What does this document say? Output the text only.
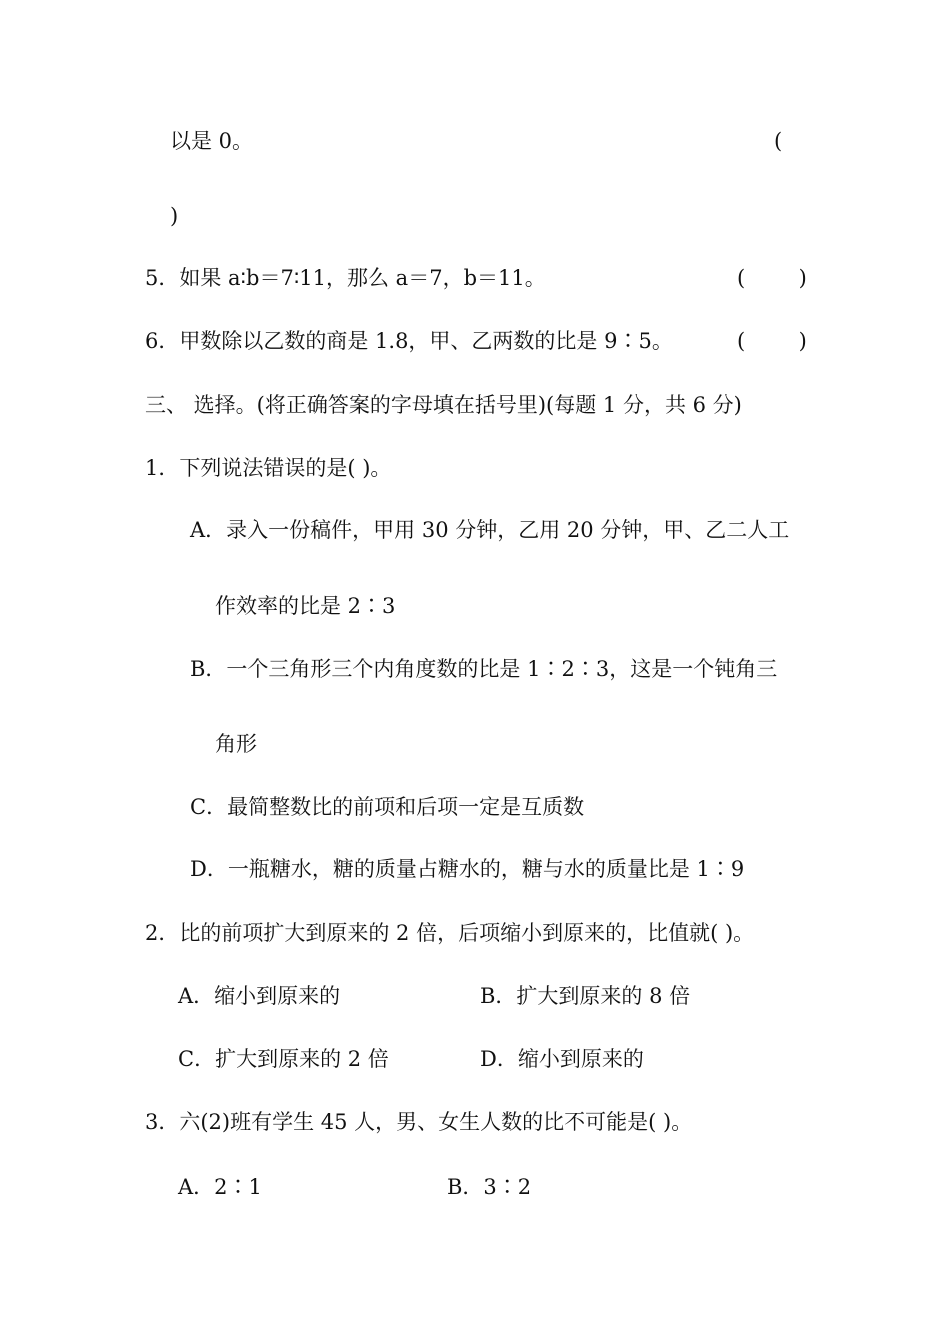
以是 0。	(
)
5．如果 a∶b＝7∶11，那么 a＝7，b＝11。	(        )
6．甲数除以乙数的商是 1.8，甲、乙两数的比是 9∶5。	(        )
三、 选择。(将正确答案的字母填在括号里)(每题 1 分，共 6 分)
1．下列说法错误的是( )。
A．录入一份稿件，甲用 30 分钟，乙用 20 分钟，甲、乙二人工
作效率的比是 2∶3
B．一个三角形三个内角度数的比是 1∶2∶3，这是一个钝角三
角形
C．最简整数比的前项和后项一定是互质数
D．一瓶糖水，糖的质量占糖水的，糖与水的质量比是 1∶9
2．比的前项扩大到原来的 2 倍，后项缩小到原来的，比值就( )。
A．缩小到原来的	B．扩大到原来的 8 倍
C．扩大到原来的 2 倍	D．缩小到原来的
3．六(2)班有学生 45 人，男、女生人数的比不可能是( )。
A．2∶1	B．3∶2
